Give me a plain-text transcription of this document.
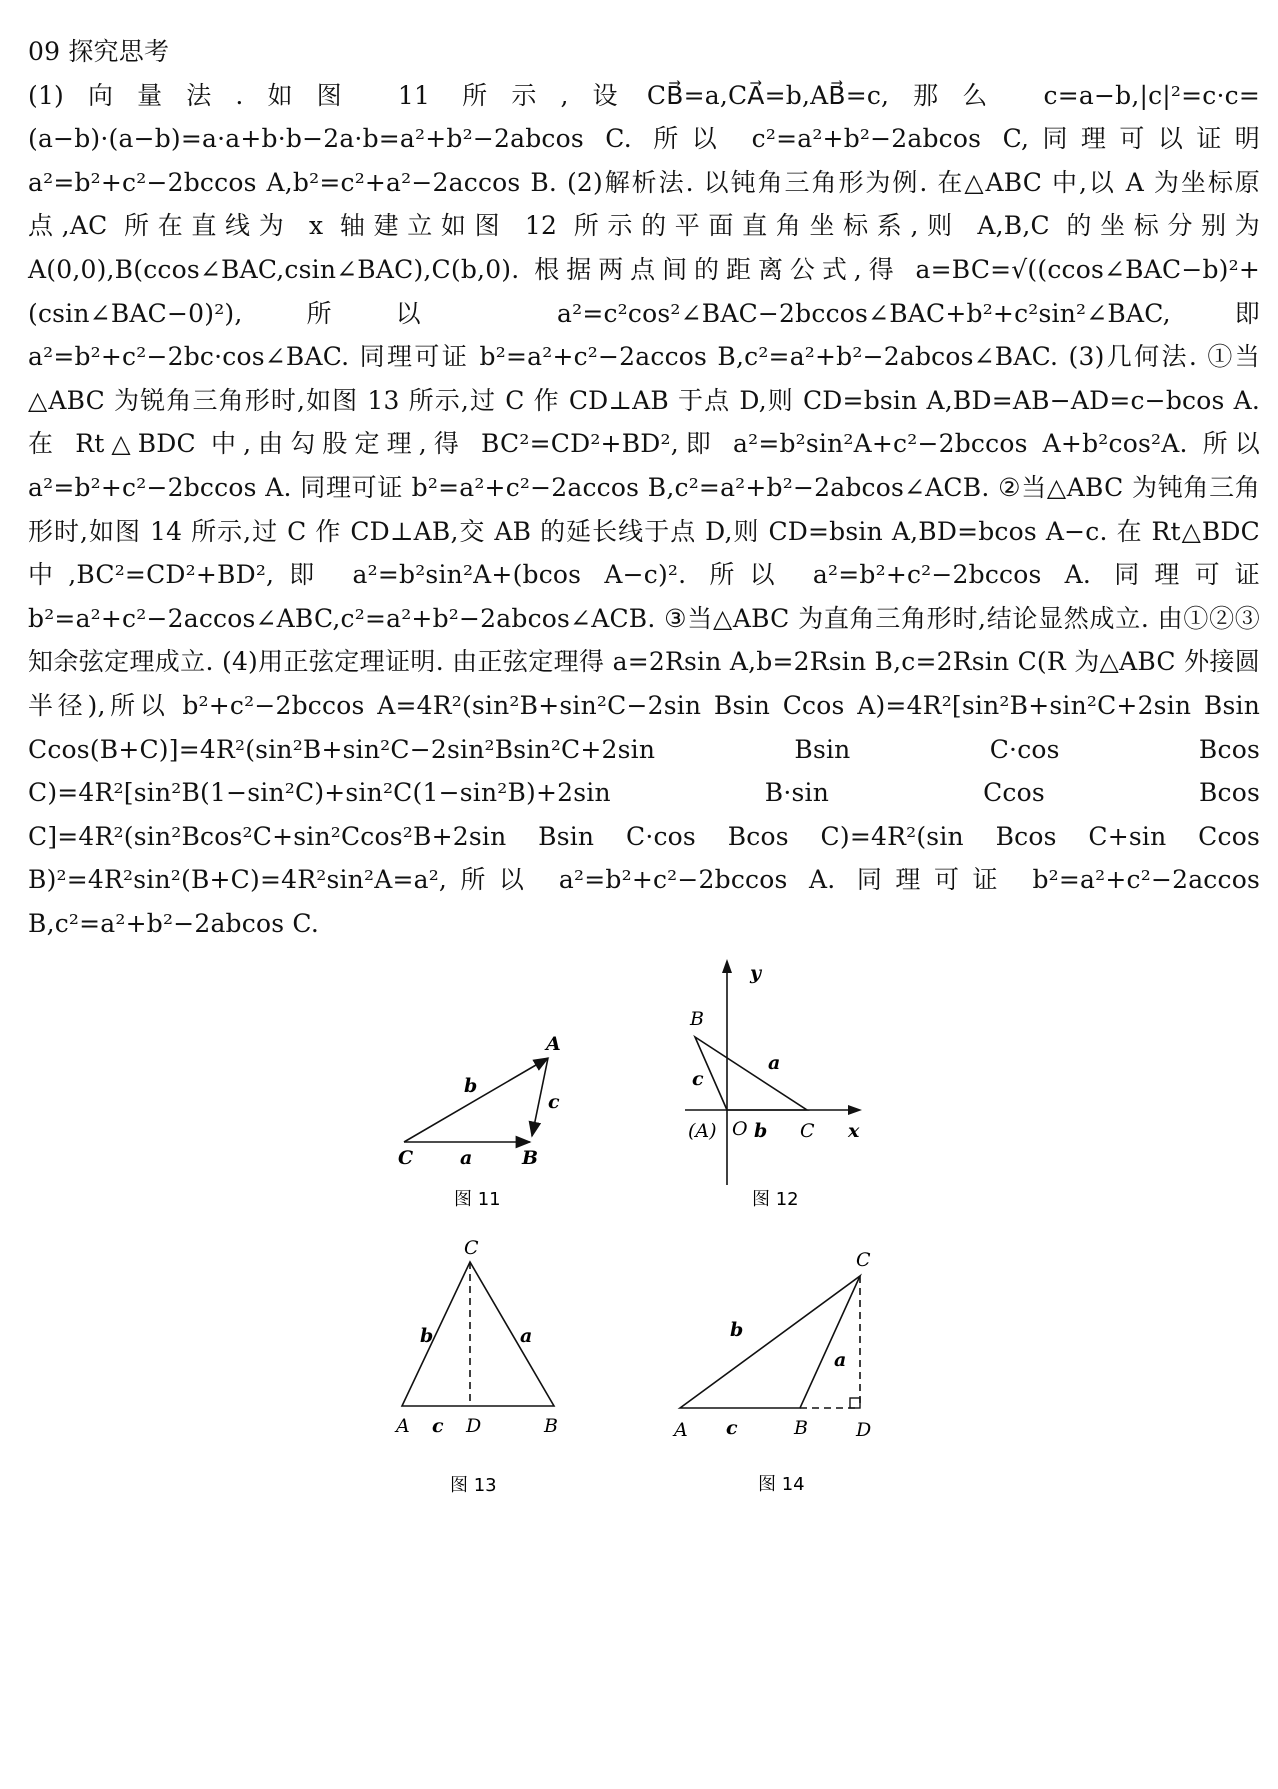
09 探究思考

(1)向量法.如图 11 所示,设 CB⃗=a,CA⃗=b,AB⃗=c,那么 c=a−b,|c|²=c·c=(a−b)·(a−b)=a·a+b·b−2a·b=a²+b²−2abcos C. 所以 c²=a²+b²−2abcos C,同理可以证明 a²=b²+c²−2bccos A,b²=c²+a²−2accos B. (2)解析法. 以钝角三角形为例. 在△ABC 中,以 A 为坐标原点,AC 所在直线为 x 轴建立如图 12 所示的平面直角坐标系,则 A,B,C 的坐标分别为 A(0,0),B(ccos∠BAC,csin∠BAC),C(b,0). 根据两点间的距离公式,得 a=BC=√((ccos∠BAC−b)²+(csin∠BAC−0)²),所以 a²=c²cos²∠BAC−2bccos∠BAC+b²+c²sin²∠BAC,即 a²=b²+c²−2bc·cos∠BAC. 同理可证 b²=a²+c²−2accos B,c²=a²+b²−2abcos∠BAC. (3)几何法. ①当△ABC 为锐角三角形时,如图 13 所示,过 C 作 CD⊥AB 于点 D,则 CD=bsin A,BD=AB−AD=c−bcos A. 在 Rt△BDC 中,由勾股定理,得 BC²=CD²+BD²,即 a²=b²sin²A+c²−2bccos A+b²cos²A. 所以 a²=b²+c²−2bccos A. 同理可证 b²=a²+c²−2accos B,c²=a²+b²−2abcos∠ACB. ②当△ABC 为钝角三角形时,如图 14 所示,过 C 作 CD⊥AB,交 AB 的延长线于点 D,则 CD=bsin A,BD=bcos A−c. 在 Rt△BDC 中,BC²=CD²+BD²,即 a²=b²sin²A+(bcos A−c)². 所以 a²=b²+c²−2bccos A. 同理可证 b²=a²+c²−2accos∠ABC,c²=a²+b²−2abcos∠ACB. ③当△ABC 为直角三角形时,结论显然成立. 由①②③知余弦定理成立. (4)用正弦定理证明. 由正弦定理得 a=2Rsin A,b=2Rsin B,c=2Rsin C(R 为△ABC 外接圆半径),所以 b²+c²−2bccos A=4R²(sin²B+sin²C−2sin Bsin Ccos A)=4R²[sin²B+sin²C+2sin Bsin Ccos(B+C)]=4R²(sin²B+sin²C−2sin²Bsin²C+2sin Bsin C·cos Bcos C)=4R²[sin²B(1−sin²C)+sin²C(1−sin²B)+2sin B·sin Ccos Bcos C]=4R²(sin²Bcos²C+sin²Ccos²B+2sin Bsin C·cos Bcos C)=4R²(sin Bcos C+sin Ccos B)²=4R²sin²(B+C)=4R²sin²A=a²,所以 a²=b²+c²−2bccos A. 同理可证 b²=a²+c²−2accos B,c²=a²+b²−2abcos C.

A
B
C a
b
c
图 11
y
B
a
c
(A) O b C x
图 12
C
b	a
A c D	B
图 13
C
b
a
A c	B	D
图 14
